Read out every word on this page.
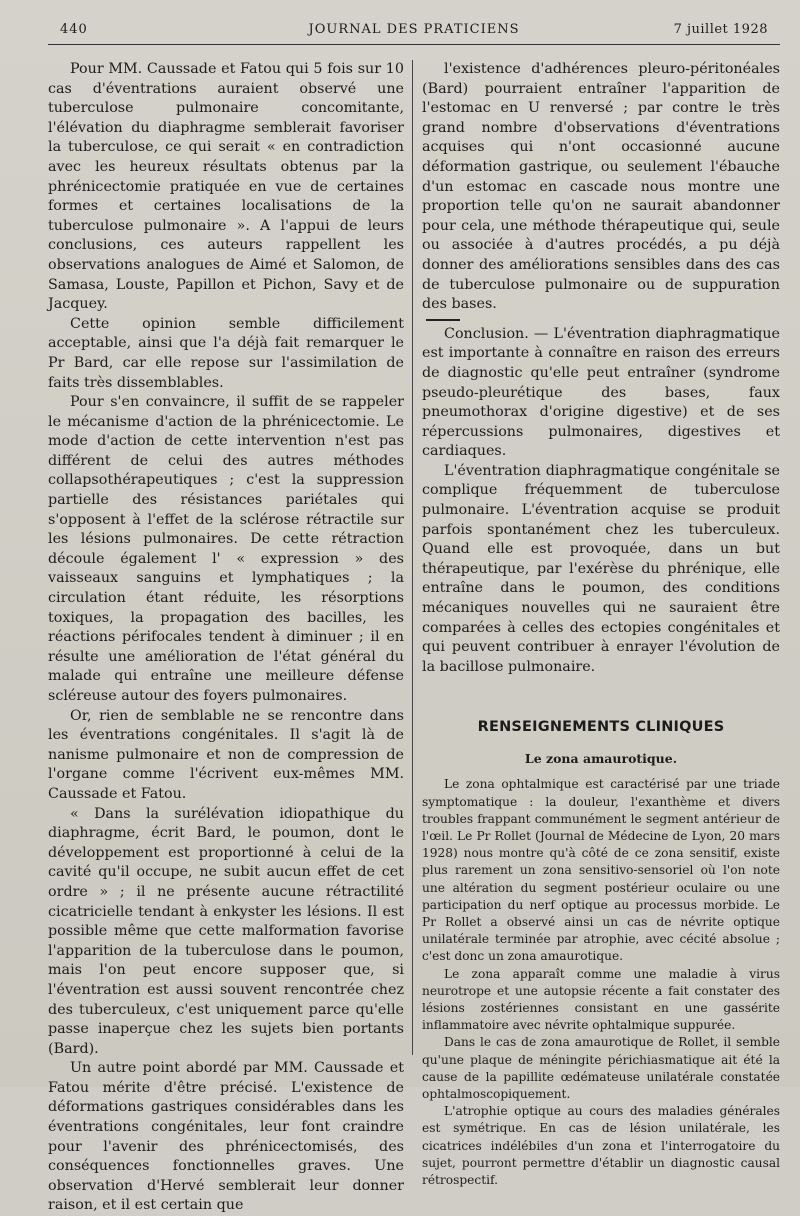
440	JOURNAL DES PRATICIENS	7 juillet 1928

Pour MM. Caussade et Fatou qui 5 fois sur 10 cas d'éventrations auraient observé une tuberculose pulmonaire concomitante, l'élévation du diaphragme semblerait favoriser la tuberculose, ce qui serait « en contradiction avec les heureux résultats obtenus par la phrénicectomie pratiquée en vue de certaines formes et certaines localisations de la tuberculose pulmonaire ». A l'appui de leurs conclusions, ces auteurs rappellent les observations analogues de Aimé et Salomon, de Samasa, Louste, Papillon et Pichon, Savy et de Jacquey.

Cette opinion semble difficilement acceptable, ainsi que l'a déjà fait remarquer le Pr Bard, car elle repose sur l'assimilation de faits très dissemblables.

Pour s'en convaincre, il suffit de se rappeler le mécanisme d'action de la phrénicectomie. Le mode d'action de cette intervention n'est pas différent de celui des autres méthodes collapsothérapeutiques ; c'est la suppression partielle des résistances pariétales qui s'opposent à l'effet de la sclérose rétractile sur les lésions pulmonaires. De cette rétraction découle également l' « expression » des vaisseaux sanguins et lymphatiques ; la circulation étant réduite, les résorptions toxiques, la propagation des bacilles, les réactions périfocales tendent à diminuer ; il en résulte une amélioration de l'état général du malade qui entraîne une meilleure défense scléreuse autour des foyers pulmonaires.

Or, rien de semblable ne se rencontre dans les éventrations congénitales. Il s'agit là de nanisme pulmonaire et non de compression de l'organe comme l'écrivent eux-mêmes MM. Caussade et Fatou.

« Dans la surélévation idiopathique du diaphragme, écrit Bard, le poumon, dont le développement est proportionné à celui de la cavité qu'il occupe, ne subit aucun effet de cet ordre » ; il ne présente aucune rétractilité cicatricielle tendant à enkyster les lésions. Il est possible même que cette malformation favorise l'apparition de la tuberculose dans le poumon, mais l'on peut encore supposer que, si l'éventration est aussi souvent rencontrée chez des tuberculeux, c'est uniquement parce qu'elle passe inaperçue chez les sujets bien portants (Bard).

Un autre point abordé par MM. Caussade et Fatou mérite d'être précisé. L'existence de déformations gastriques considérables dans les éventrations congénitales, leur font craindre pour l'avenir des phrénicectomisés, des conséquences fonctionnelles graves. Une observation d'Hervé semblerait leur donner raison, et il est certain que

l'existence d'adhérences pleuro-péritonéales (Bard) pourraient entraîner l'apparition de l'estomac en U renversé ; par contre le très grand nombre d'observations d'éventrations acquises qui n'ont occasionné aucune déformation gastrique, ou seulement l'ébauche d'un estomac en cascade nous montre une proportion telle qu'on ne saurait abandonner pour cela, une méthode thérapeutique qui, seule ou associée à d'autres procédés, a pu déjà donner des améliorations sensibles dans des cas de tuberculose pulmonaire ou de suppuration des bases.

Conclusion. — L'éventration diaphragmatique est importante à connaître en raison des erreurs de diagnostic qu'elle peut entraîner (syndrome pseudo-pleurétique des bases, faux pneumothorax d'origine digestive) et de ses répercussions pulmonaires, digestives et cardiaques.

L'éventration diaphragmatique congénitale se complique fréquemment de tuberculose pulmonaire. L'éventration acquise se produit parfois spontanément chez les tuberculeux. Quand elle est provoquée, dans un but thérapeutique, par l'exérèse du phrénique, elle entraîne dans le poumon, des conditions mécaniques nouvelles qui ne sauraient être comparées à celles des ectopies congénitales et qui peuvent contribuer à enrayer l'évolution de la bacillose pulmonaire.

RENSEIGNEMENTS CLINIQUES
Le zona amaurotique.

Le zona ophtalmique est caractérisé par une triade symptomatique : la douleur, l'exanthème et divers troubles frappant communément le segment antérieur de l'œil. Le Pr Rollet (Journal de Médecine de Lyon, 20 mars 1928) nous montre qu'à côté de ce zona sensitif, existe plus rarement un zona sensitivo-sensoriel où l'on note une altération du segment postérieur oculaire ou une participation du nerf optique au processus morbide. Le Pr Rollet a observé ainsi un cas de névrite optique unilatérale terminée par atrophie, avec cécité absolue ; c'est donc un zona amaurotique.

Le zona apparaît comme une maladie à virus neurotrope et une autopsie récente a fait constater des lésions zostériennes consistant en une gassérite inflammatoire avec névrite ophtalmique suppurée.

Dans le cas de zona amaurotique de Rollet, il semble qu'une plaque de méningite périchiasmatique ait été la cause de la papillite œdémateuse unilatérale constatée ophtalmoscopiquement.

L'atrophie optique au cours des maladies générales est symétrique. En cas de lésion unilatérale, les cicatrices indélébiles d'un zona et l'interrogatoire du sujet, pourront permettre d'établir un diagnostic causal rétrospectif.
